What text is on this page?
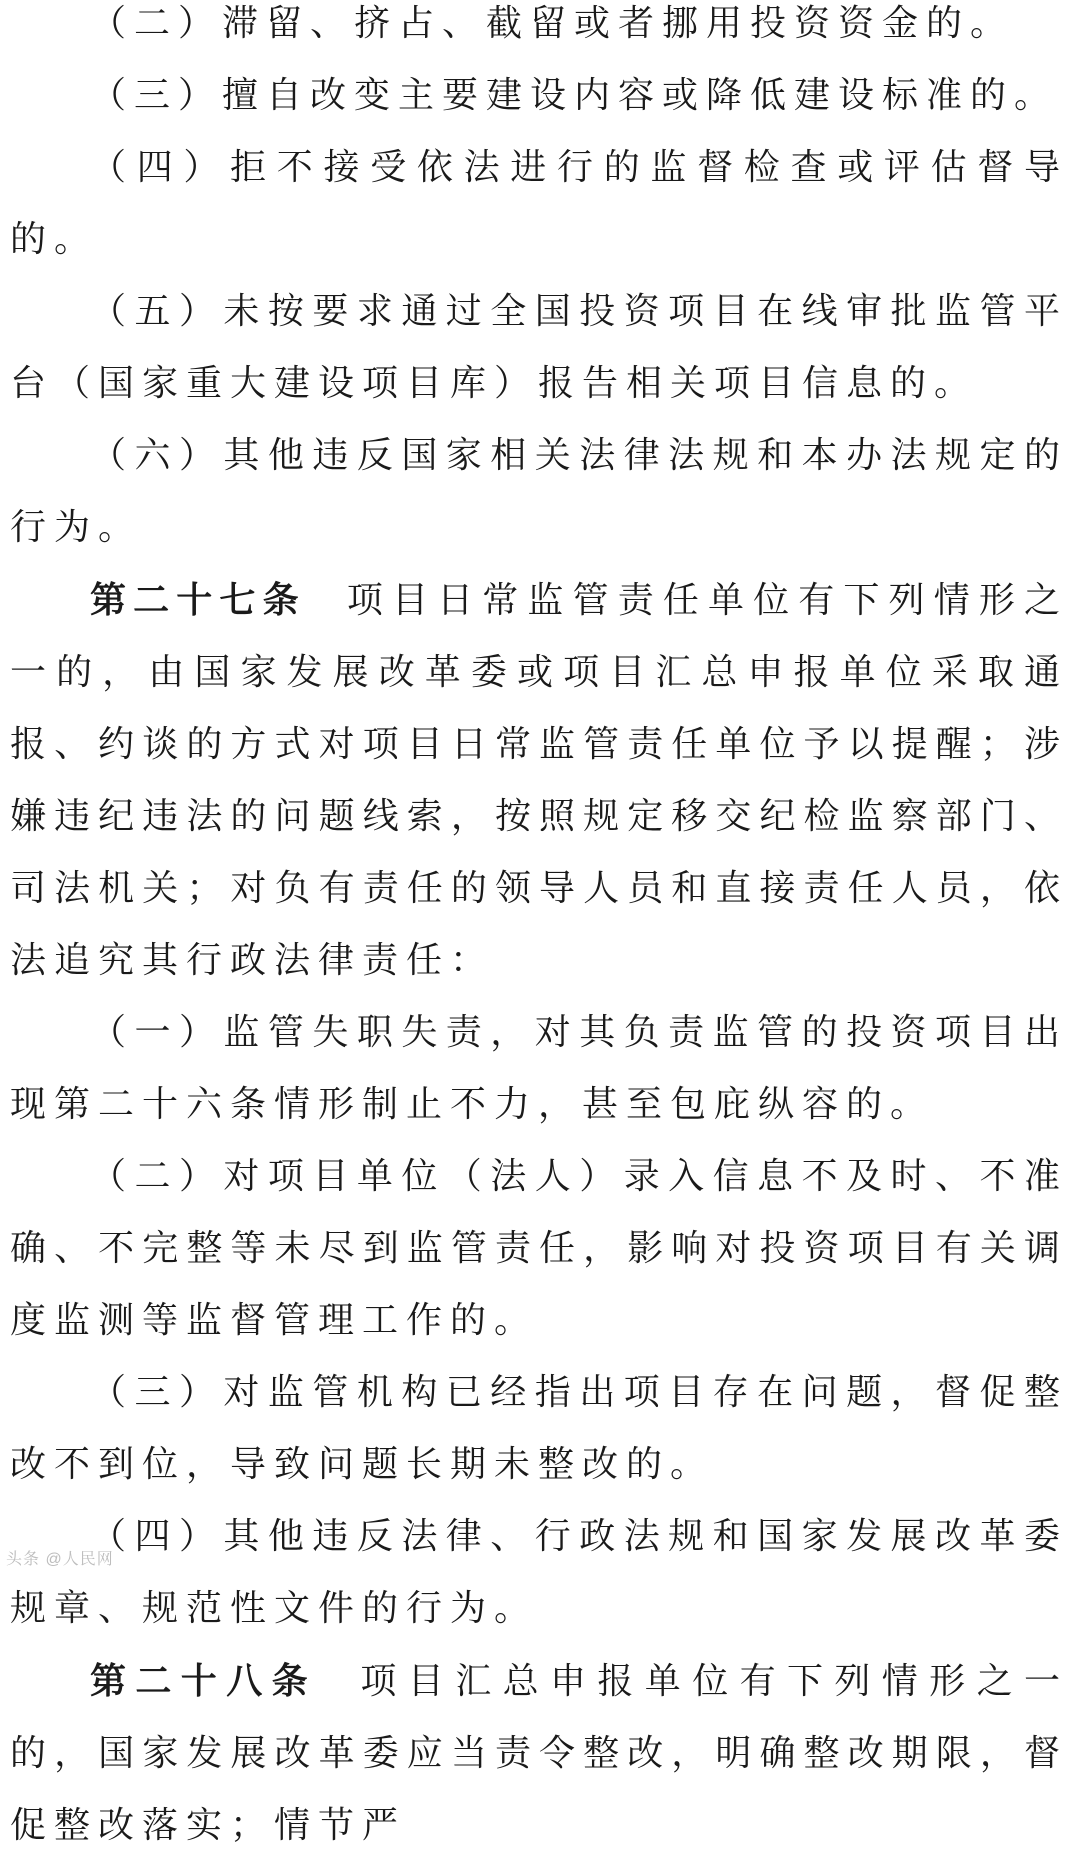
（二）滞留、挤占、截留或者挪用投资资金的。

（三）擅自改变主要建设内容或降低建设标准的。

（四）拒不接受依法进行的监督检查或评估督导的。

（五）未按要求通过全国投资项目在线审批监管平台（国家重大建设项目库）报告相关项目信息的。

（六）其他违反国家相关法律法规和本办法规定的行为。

第二十七条 项目日常监管责任单位有下列情形之一的，由国家发展改革委或项目汇总申报单位采取通报、约谈的方式对项目日常监管责任单位予以提醒；涉嫌违纪违法的问题线索，按照规定移交纪检监察部门、司法机关；对负有责任的领导人员和直接责任人员，依法追究其行政法律责任：

（一）监管失职失责，对其负责监管的投资项目出现第二十六条情形制止不力，甚至包庇纵容的。

（二）对项目单位（法人）录入信息不及时、不准确、不完整等未尽到监管责任，影响对投资项目有关调度监测等监督管理工作的。

（三）对监管机构已经指出项目存在问题，督促整改不到位，导致问题长期未整改的。

（四）其他违反法律、行政法规和国家发展改革委规章、规范性文件的行为。

第二十八条 项目汇总申报单位有下列情形之一的，国家发展改革委应当责令整改，明确整改期限，督促整改落实；情节严

头条 @人民网
